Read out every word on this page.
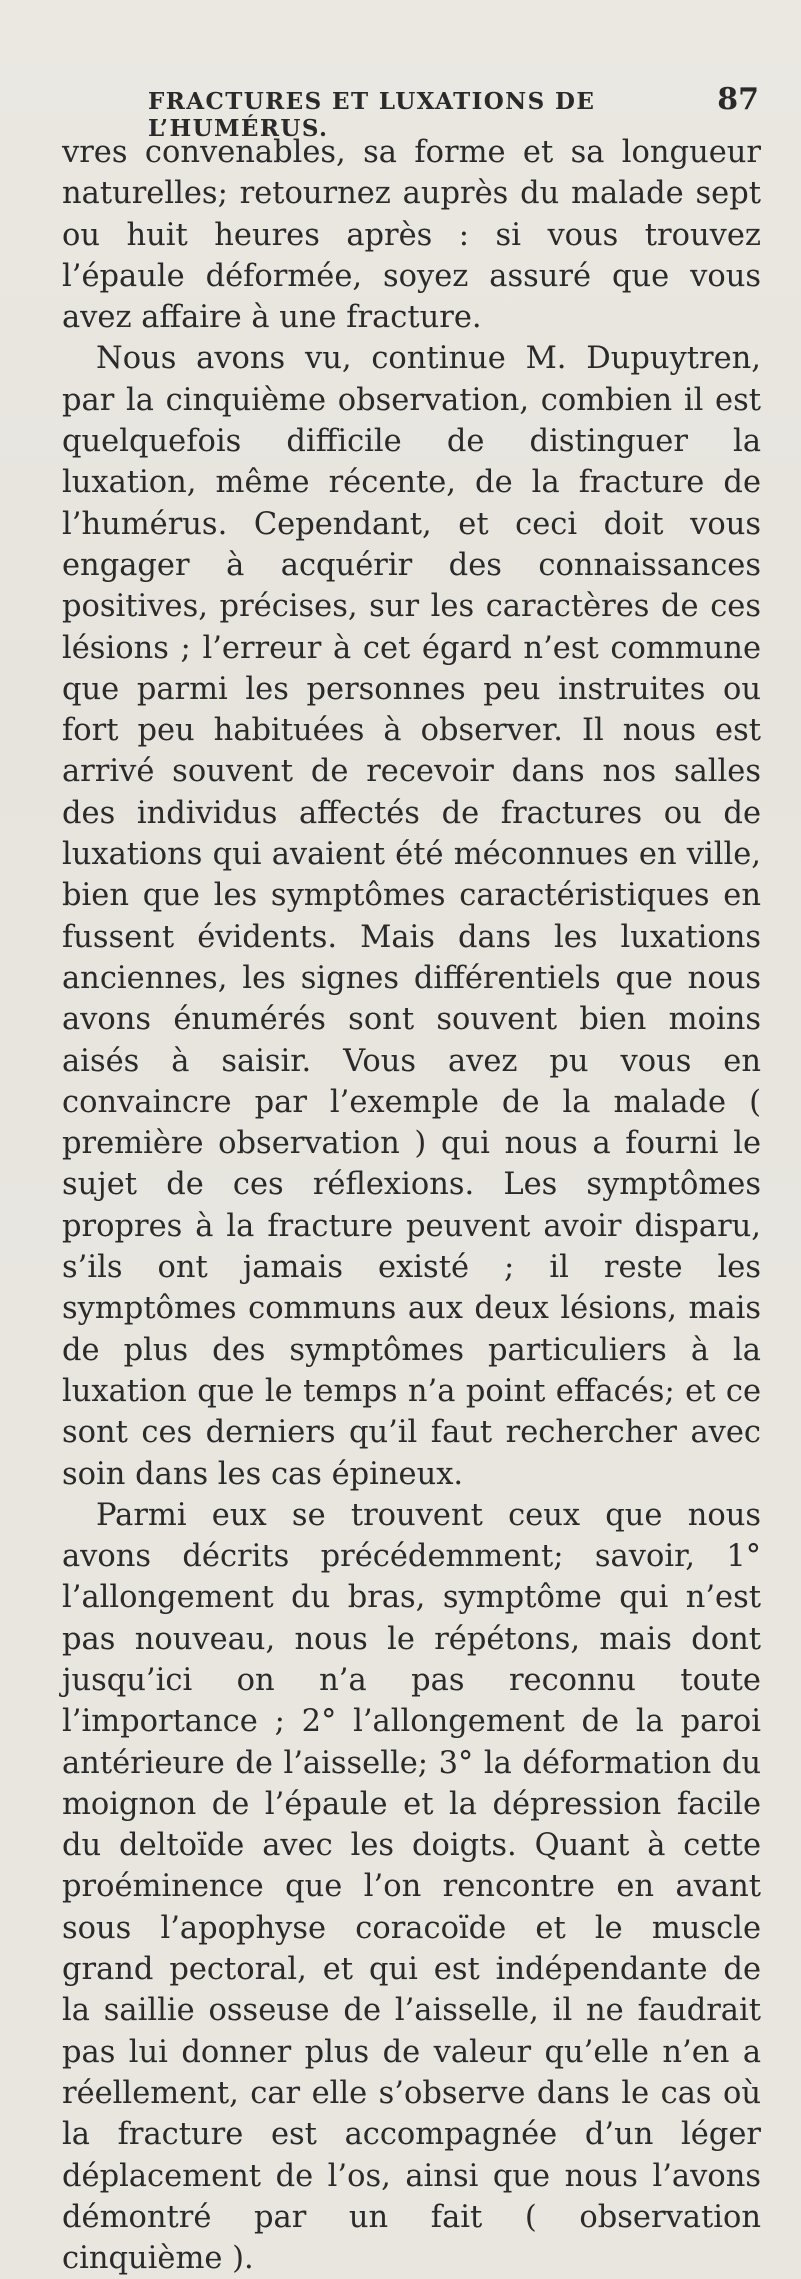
FRACTURES ET LUXATIONS DE L’HUMÉRUS.
87

vres convenables, sa forme et sa longueur naturelles; retournez auprès du malade sept ou huit heures après : si vous trouvez l’épaule déformée, soyez assuré que vous avez affaire à une fracture.

Nous avons vu, continue M. Dupuytren, par la cinquième observation, combien il est quelquefois difficile de distinguer la luxation, même récente, de la fracture de l’humérus. Cependant, et ceci doit vous engager à acquérir des connaissances positives, précises, sur les caractères de ces lésions ; l’erreur à cet égard n’est commune que parmi les personnes peu instruites ou fort peu habituées à observer. Il nous est arrivé souvent de recevoir dans nos salles des individus affectés de fractures ou de luxations qui avaient été méconnues en ville, bien que les symptômes caractéristiques en fussent évidents. Mais dans les luxations anciennes, les signes différentiels que nous avons énumérés sont souvent bien moins aisés à saisir. Vous avez pu vous en convaincre par l’exemple de la malade ( première observation ) qui nous a fourni le sujet de ces réflexions. Les symptômes propres à la fracture peuvent avoir disparu, s’ils ont jamais existé ; il reste les symptômes communs aux deux lésions, mais de plus des symptômes particuliers à la luxation que le temps n’a point effacés; et ce sont ces derniers qu’il faut rechercher avec soin dans les cas épineux.

Parmi eux se trouvent ceux que nous avons décrits précédemment; savoir, 1° l’allongement du bras, symptôme qui n’est pas nouveau, nous le répétons, mais dont jusqu’ici on n’a pas reconnu toute l’importance ; 2° l’allongement de la paroi antérieure de l’aisselle; 3° la déformation du moignon de l’épaule et la dépression facile du deltoïde avec les doigts. Quant à cette proéminence que l’on rencontre en avant sous l’apophyse coracoïde et le muscle grand pectoral, et qui est indépendante de la saillie osseuse de l’aisselle, il ne faudrait pas lui donner plus de valeur qu’elle n’en a réellement, car elle s’observe dans le cas où la fracture est accompagnée d’un léger déplacement de l’os, ainsi que nous l’avons démontré par un fait ( observation cinquième ).
